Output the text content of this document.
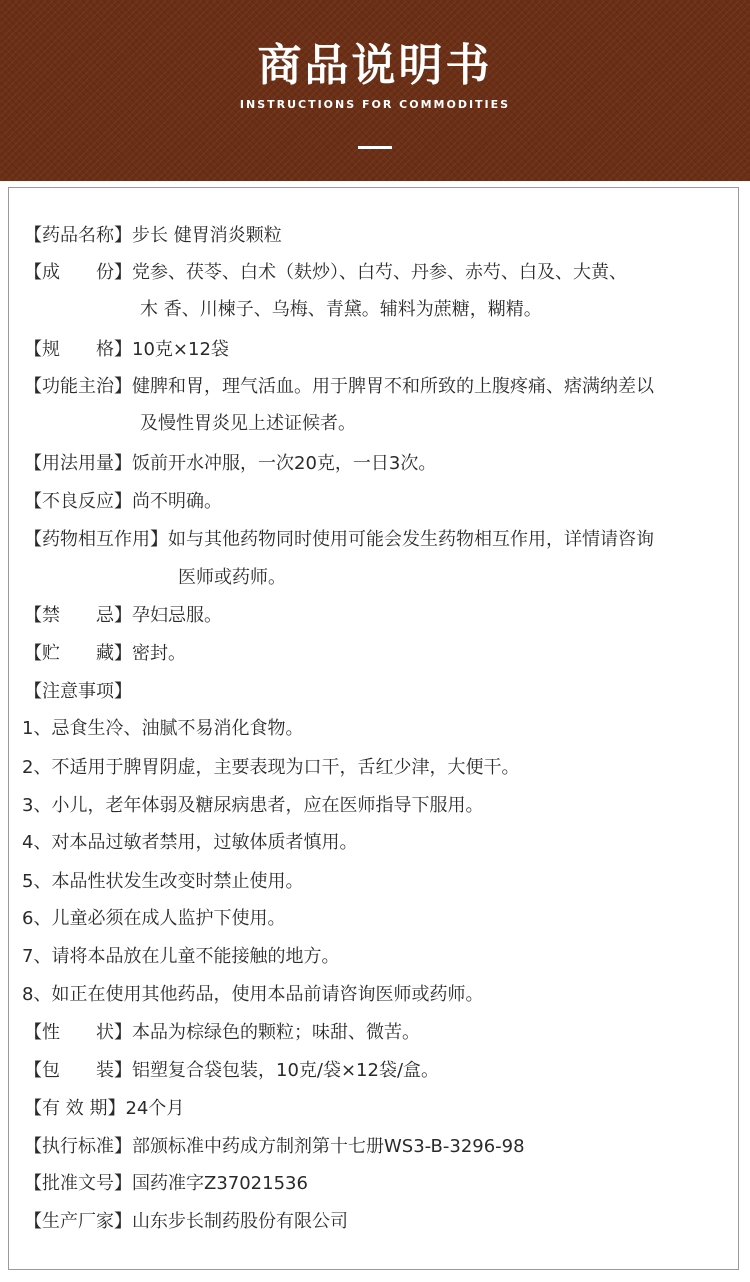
商品说明书
INSTRUCTIONS FOR COMMODITIES
【药品名称】步长 健胃消炎颗粒
【成　　份】党参、茯苓、白术（麸炒）、白芍、丹参、赤芍、白及、大黄、
木 香、川楝子、乌梅、青黛。辅料为蔗糖，糊精。
【规　　格】10克×12袋
【功能主治】健脾和胃，理气活血。用于脾胃不和所致的上腹疼痛、痞满纳差以
及慢性胃炎见上述证候者。
【用法用量】饭前开水冲服，一次20克，一日3次。
【不良反应】尚不明确。
【药物相互作用】如与其他药物同时使用可能会发生药物相互作用，详情请咨询
医师或药师。
【禁　　忌】孕妇忌服。
【贮　　藏】密封。
【注意事项】
1、忌食生冷、油腻不易消化食物。
2、不适用于脾胃阴虚，主要表现为口干，舌红少津，大便干。
3、小儿，老年体弱及糖尿病患者，应在医师指导下服用。
4、对本品过敏者禁用，过敏体质者慎用。
5、本品性状发生改变时禁止使用。
6、儿童必须在成人监护下使用。
7、请将本品放在儿童不能接触的地方。
8、如正在使用其他药品，使用本品前请咨询医师或药师。
【性　　状】本品为棕绿色的颗粒；味甜、微苦。
【包　　装】铝塑复合袋包装，10克/袋×12袋/盒。
【有 效 期】24个月
【执行标准】部颁标准中药成方制剂第十七册WS3-B-3296-98
【批准文号】国药准字Z37021536
【生产厂家】山东步长制药股份有限公司
